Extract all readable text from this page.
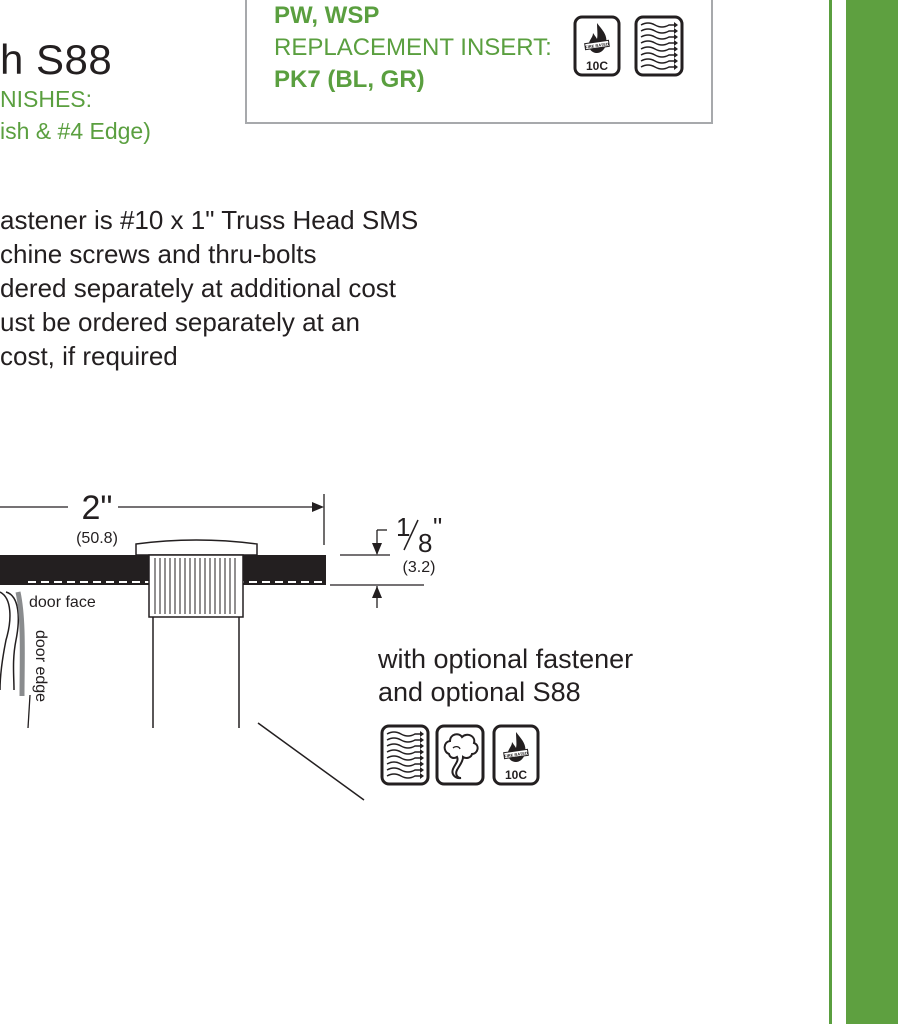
h S88
NISHES:
ish & #4 Edge)
PW, WSP
REPLACEMENT INSERT:
PK7 (BL, GR)
FIRE RATED
10C
astener is #10 x 1" Truss Head SMS
chine screws and thru-bolts
dered separately at additional cost
ust be ordered separately at an
cost, if required
2"
(50.8)
door face
door edge
1
8
"
(3.2)
with optional fastener
and optional S88
FIRE RATED
10C
